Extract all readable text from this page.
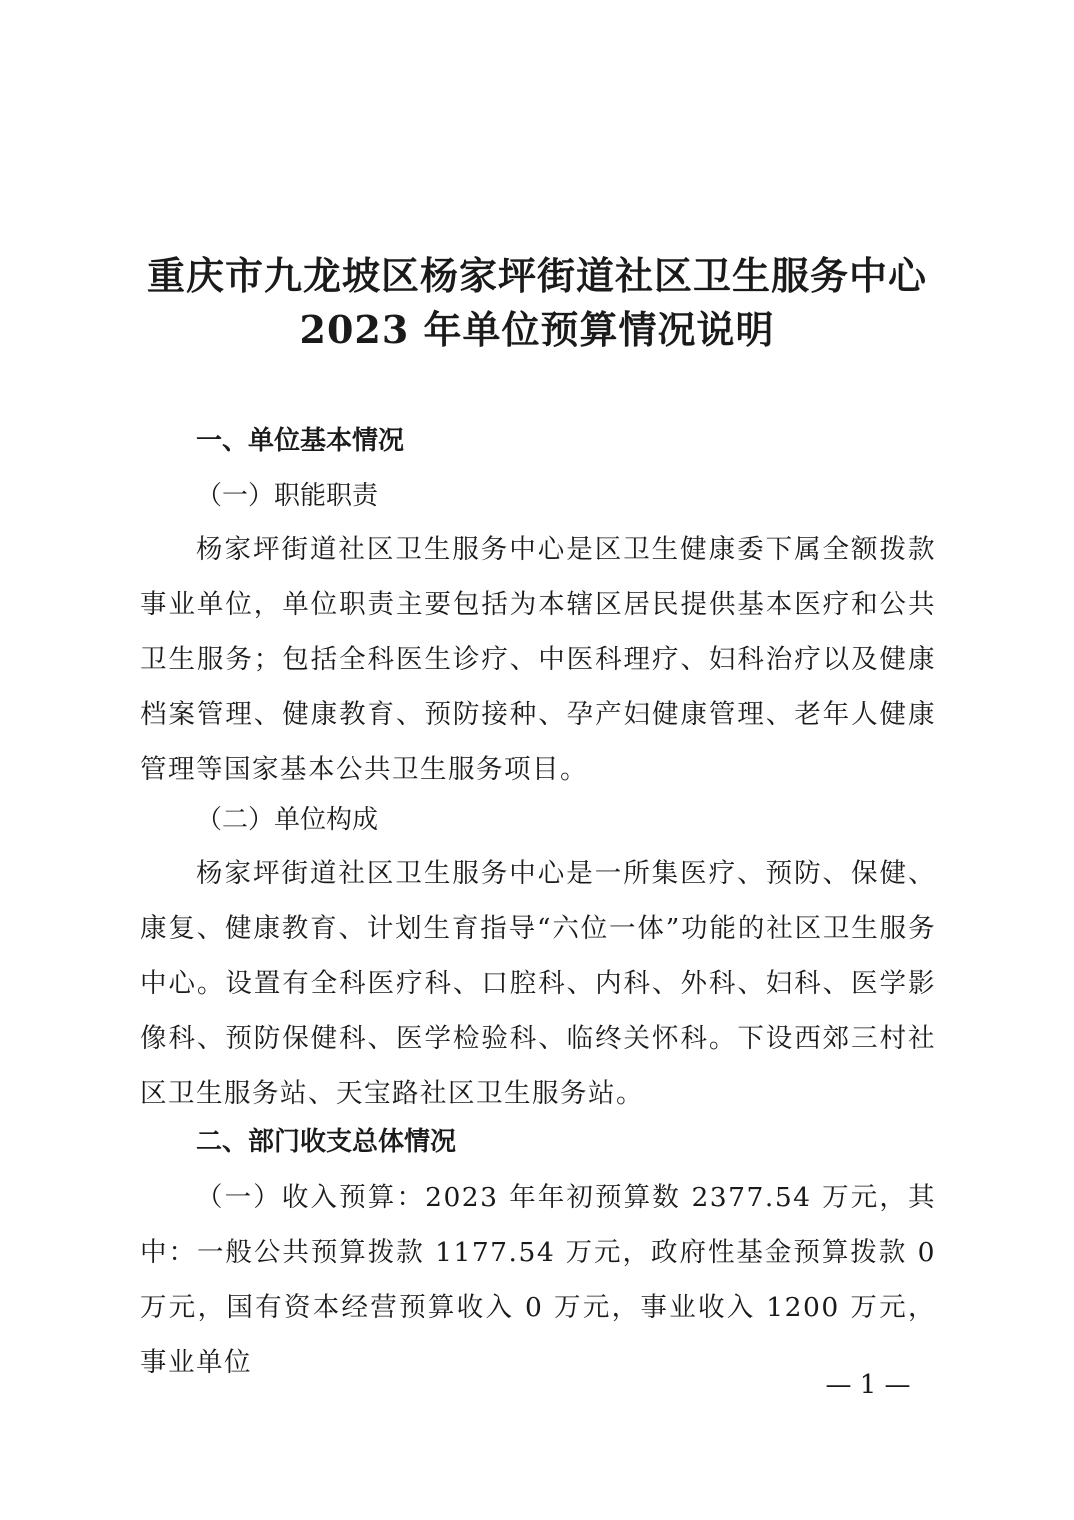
重庆市九龙坡区杨家坪街道社区卫生服务中心
2023 年单位预算情况说明
一、单位基本情况
（一）职能职责
杨家坪街道社区卫生服务中心是区卫生健康委下属全额拨款事业单位，单位职责主要包括为本辖区居民提供基本医疗和公共卫生服务；包括全科医生诊疗、中医科理疗、妇科治疗以及健康档案管理、健康教育、预防接种、孕产妇健康管理、老年人健康管理等国家基本公共卫生服务项目。
（二）单位构成
杨家坪街道社区卫生服务中心是一所集医疗、预防、保健、康复、健康教育、计划生育指导“六位一体”功能的社区卫生服务中心。设置有全科医疗科、口腔科、内科、外科、妇科、医学影像科、预防保健科、医学检验科、临终关怀科。下设西郊三村社区卫生服务站、天宝路社区卫生服务站。
二、部门收支总体情况
（一）收入预算：2023 年年初预算数 2377.54 万元，其中：一般公共预算拨款 1177.54 万元，政府性基金预算拨款 0 万元，国有资本经营预算收入 0 万元，事业收入 1200 万元，事业单位
— 1 —
